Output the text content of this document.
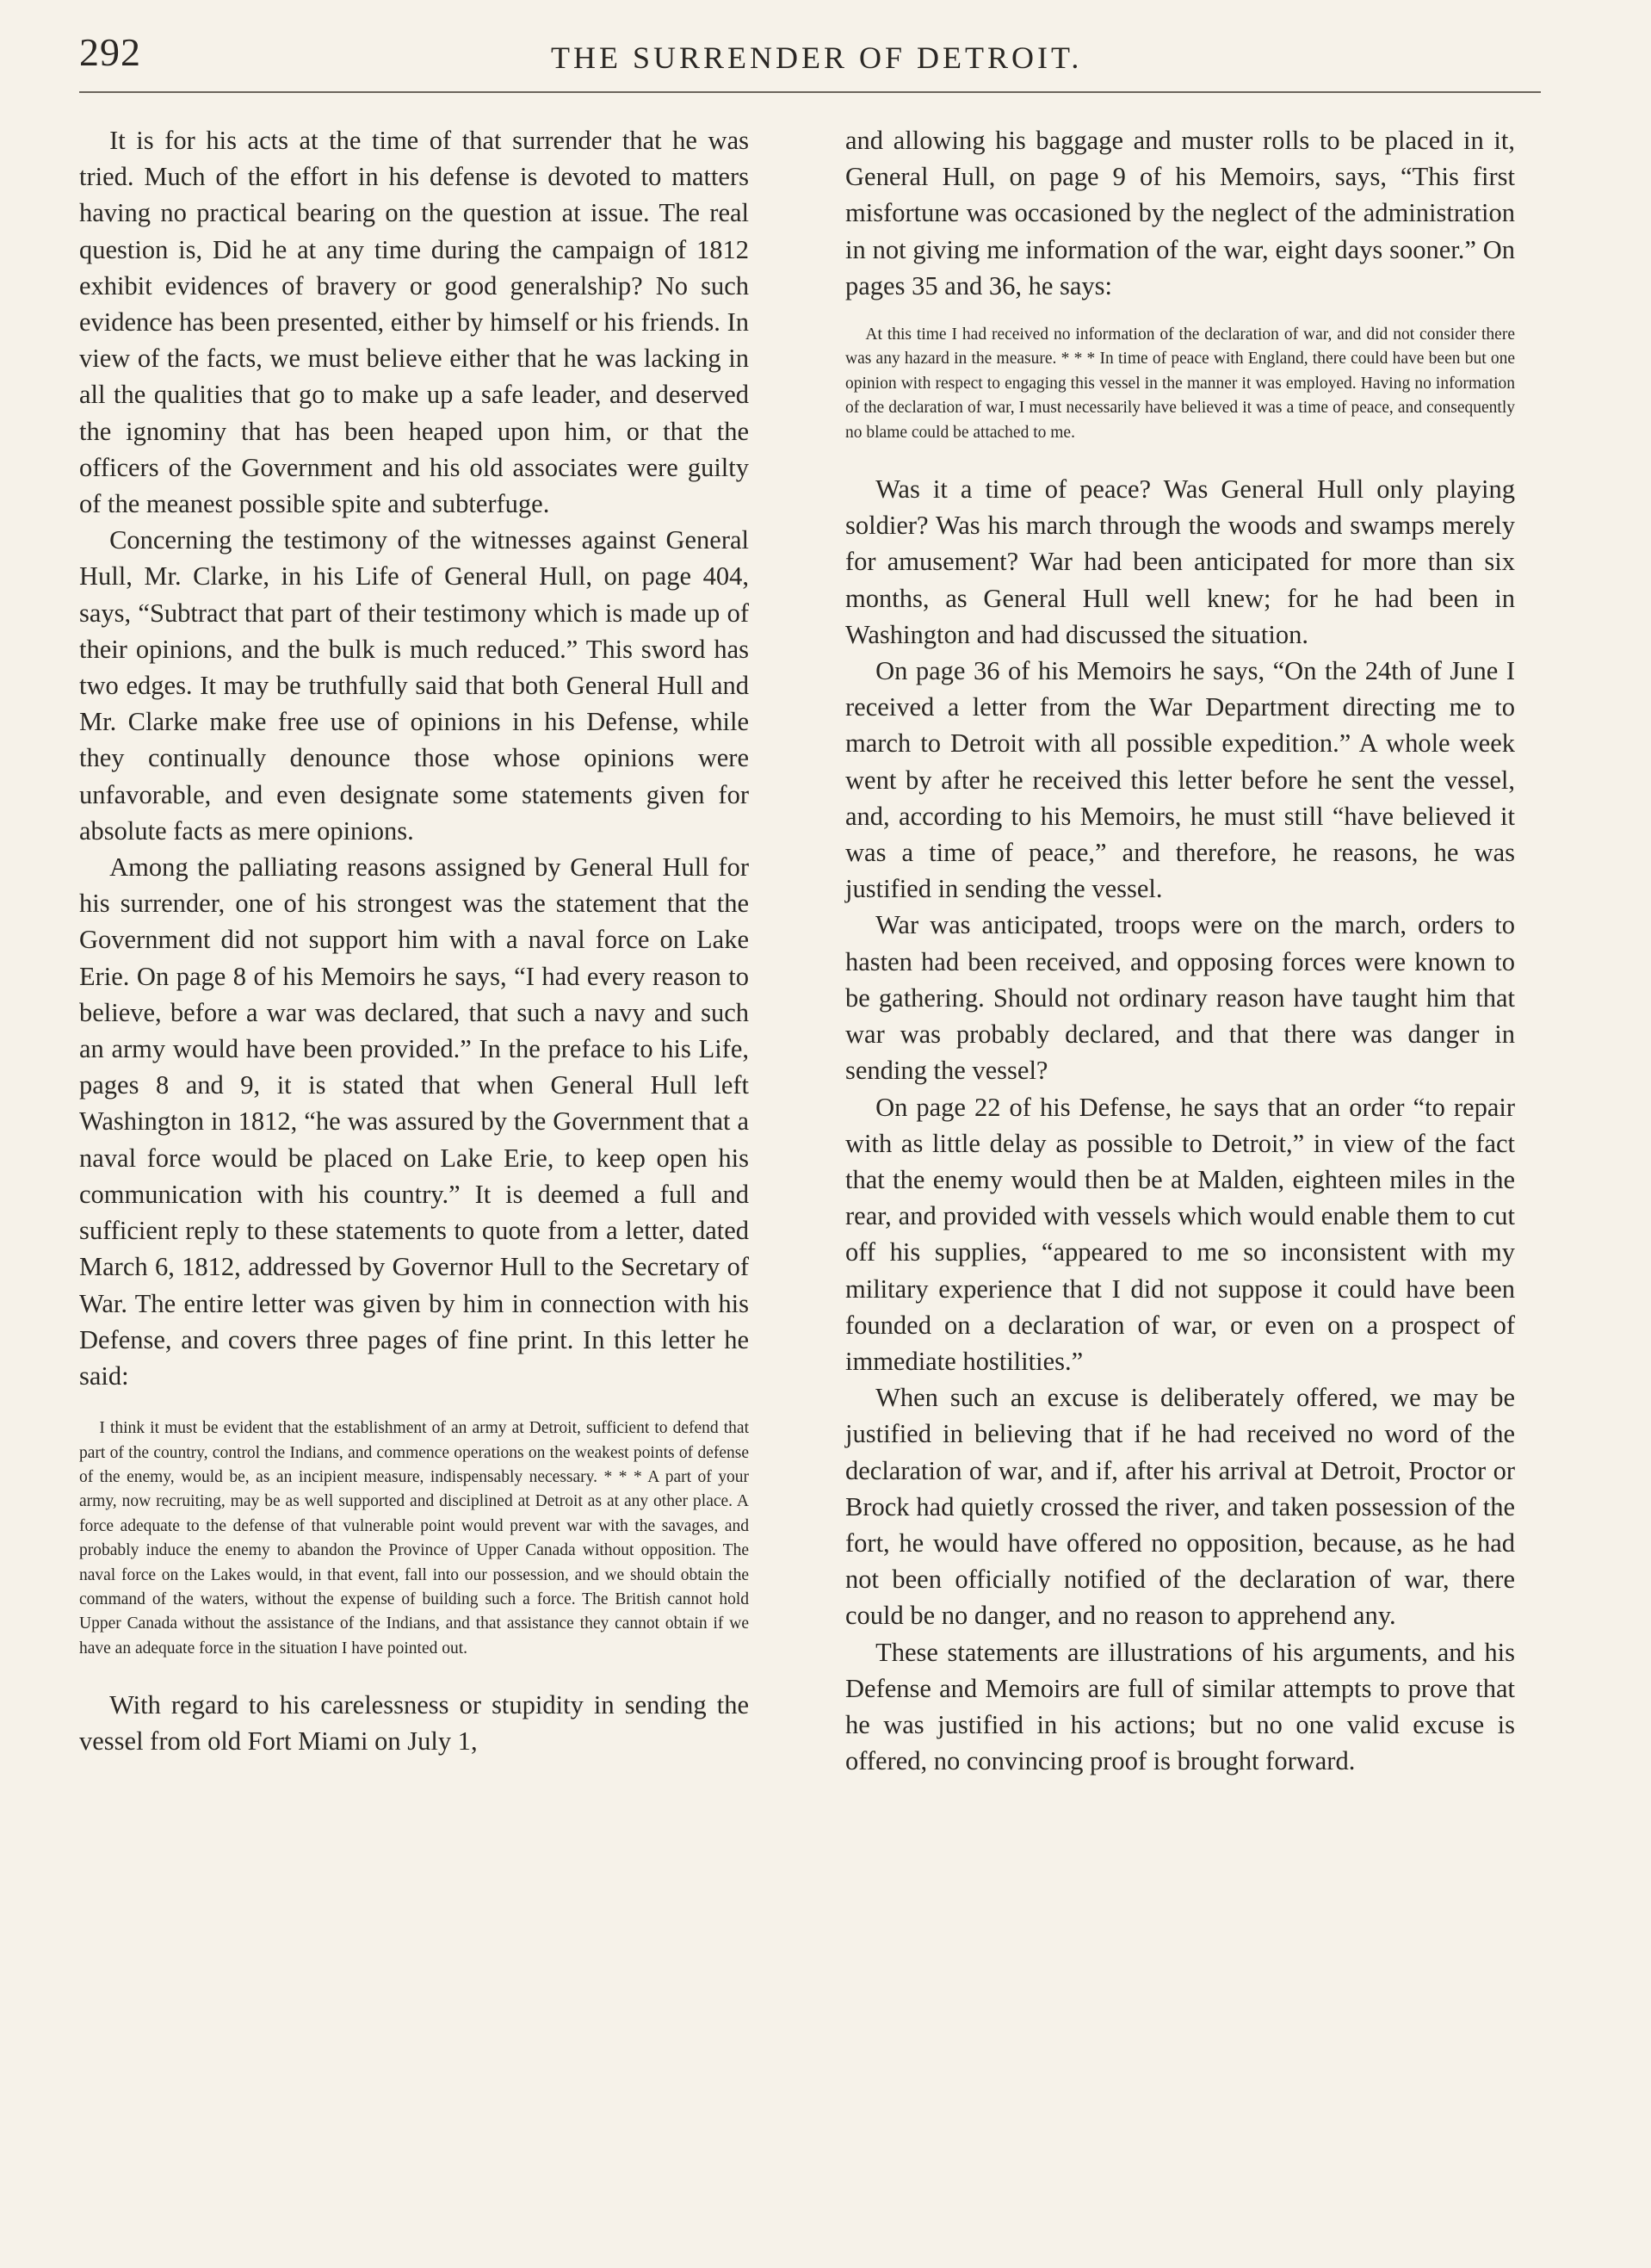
292	THE SURRENDER OF DETROIT.

It is for his acts at the time of that surrender that he was tried. Much of the effort in his defense is devoted to matters having no practical bearing on the question at issue. The real question is, Did he at any time during the campaign of 1812 exhibit evidences of bravery or good generalship? No such evidence has been presented, either by himself or his friends. In view of the facts, we must believe either that he was lacking in all the qualities that go to make up a safe leader, and deserved the ignominy that has been heaped upon him, or that the officers of the Government and his old associates were guilty of the meanest possible spite and subterfuge.

Concerning the testimony of the witnesses against General Hull, Mr. Clarke, in his Life of General Hull, on page 404, says, “Subtract that part of their testimony which is made up of their opinions, and the bulk is much reduced.” This sword has two edges. It may be truthfully said that both General Hull and Mr. Clarke make free use of opinions in his Defense, while they continually denounce those whose opinions were unfavorable, and even designate some statements given for absolute facts as mere opinions.

Among the palliating reasons assigned by General Hull for his surrender, one of his strongest was the statement that the Government did not support him with a naval force on Lake Erie. On page 8 of his Memoirs he says, “I had every reason to believe, before a war was declared, that such a navy and such an army would have been provided.” In the preface to his Life, pages 8 and 9, it is stated that when General Hull left Washington in 1812, “he was assured by the Government that a naval force would be placed on Lake Erie, to keep open his communication with his country.” It is deemed a full and sufficient reply to these statements to quote from a letter, dated March 6, 1812, addressed by Governor Hull to the Secretary of War. The entire letter was given by him in connection with his Defense, and covers three pages of fine print. In this letter he said:

I think it must be evident that the establishment of an army at Detroit, sufficient to defend that part of the country, control the Indians, and commence operations on the weakest points of defense of the enemy, would be, as an incipient measure, indispensably necessary. * * * A part of your army, now recruiting, may be as well supported and disciplined at Detroit as at any other place. A force adequate to the defense of that vulnerable point would prevent war with the savages, and probably induce the enemy to abandon the Province of Upper Canada without opposition. The naval force on the Lakes would, in that event, fall into our possession, and we should obtain the command of the waters, without the expense of building such a force. The British cannot hold Upper Canada without the assistance of the Indians, and that assistance they cannot obtain if we have an adequate force in the situation I have pointed out.

With regard to his carelessness or stupidity in sending the vessel from old Fort Miami on July 1,

and allowing his baggage and muster rolls to be placed in it, General Hull, on page 9 of his Memoirs, says, “This first misfortune was occasioned by the neglect of the administration in not giving me information of the war, eight days sooner.” On pages 35 and 36, he says:

At this time I had received no information of the declaration of war, and did not consider there was any hazard in the measure. * * * In time of peace with England, there could have been but one opinion with respect to engaging this vessel in the manner it was employed. Having no information of the declaration of war, I must necessarily have believed it was a time of peace, and consequently no blame could be attached to me.

Was it a time of peace? Was General Hull only playing soldier? Was his march through the woods and swamps merely for amusement? War had been anticipated for more than six months, as General Hull well knew; for he had been in Washington and had discussed the situation.

On page 36 of his Memoirs he says, “On the 24th of June I received a letter from the War Department directing me to march to Detroit with all possible expedition.” A whole week went by after he received this letter before he sent the vessel, and, according to his Memoirs, he must still “have believed it was a time of peace,” and therefore, he reasons, he was justified in sending the vessel.

War was anticipated, troops were on the march, orders to hasten had been received, and opposing forces were known to be gathering. Should not ordinary reason have taught him that war was probably declared, and that there was danger in sending the vessel?

On page 22 of his Defense, he says that an order “to repair with as little delay as possible to Detroit,” in view of the fact that the enemy would then be at Malden, eighteen miles in the rear, and provided with vessels which would enable them to cut off his supplies, “appeared to me so inconsistent with my military experience that I did not suppose it could have been founded on a declaration of war, or even on a prospect of immediate hostilities.”

When such an excuse is deliberately offered, we may be justified in believing that if he had received no word of the declaration of war, and if, after his arrival at Detroit, Proctor or Brock had quietly crossed the river, and taken possession of the fort, he would have offered no opposition, because, as he had not been officially notified of the declaration of war, there could be no danger, and no reason to apprehend any.

These statements are illustrations of his arguments, and his Defense and Memoirs are full of similar attempts to prove that he was justified in his actions; but no one valid excuse is offered, no convincing proof is brought forward.
